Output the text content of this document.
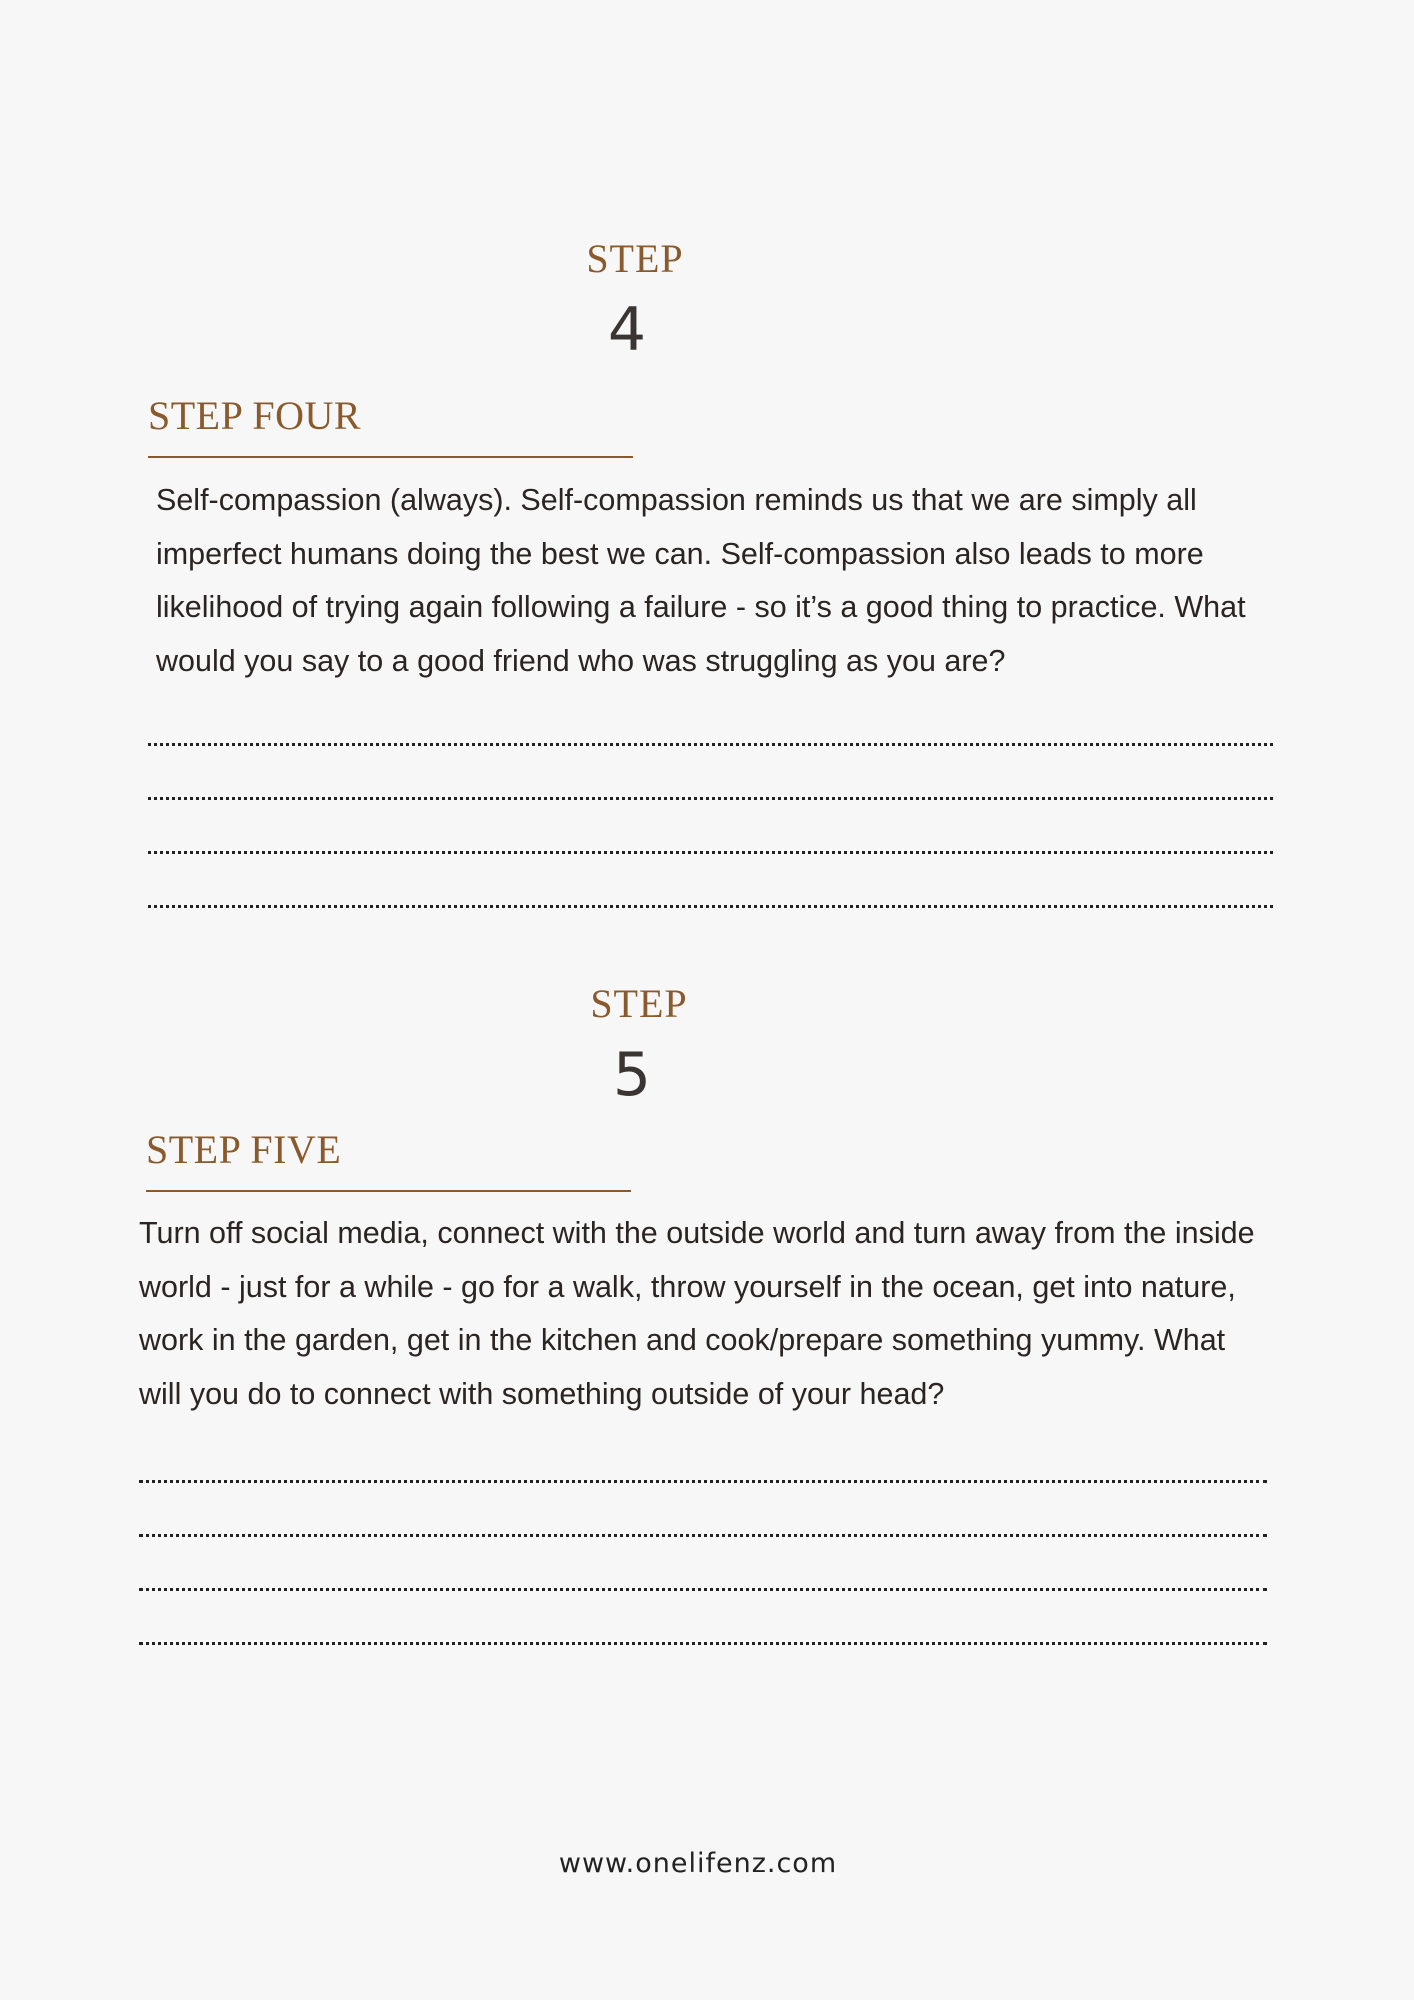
STEP
4
STEP FOUR
Self-compassion (always). Self-compassion reminds us that we are simply all imperfect humans doing the best we can. Self-compassion also leads to more likelihood of trying again following a failure - so it’s a good thing to practice. What would you say to a good friend who was struggling as you are?
STEP
5
STEP FIVE
Turn off social media, connect with the outside world and turn away from the inside world - just for a while - go for a walk, throw yourself in the ocean, get into nature, work in the garden, get in the kitchen and cook/prepare something yummy. What will you do to connect with something outside of your head?
www.onelifenz.com
